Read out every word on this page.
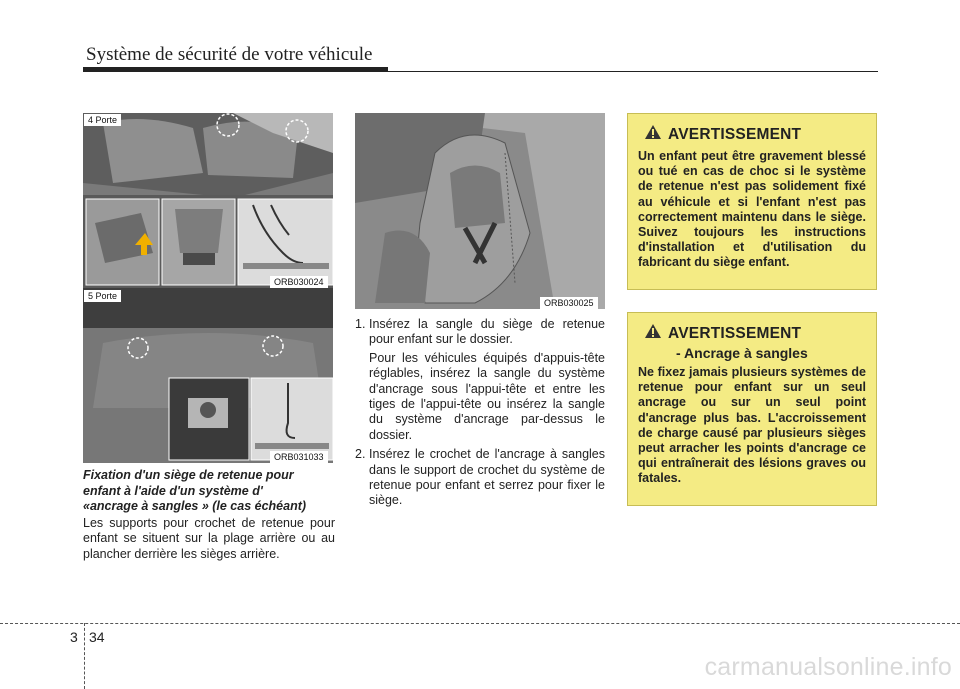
Système de sécurité de votre véhicule
4 Porte
ORB030024
5 Porte
ORB031033
ORB030025
Fixation d'un siège de retenue pour
enfant à l'aide d'un système d'
«ancrage à sangles » (le cas échéant)
Les supports pour crochet de retenue pour enfant se situent sur la plage arrière ou au plancher derrière les sièges arrière.
1. Insérez la sangle du siège de retenue pour enfant sur le dossier.

Pour les véhicules équipés d'appuis-tête réglables, insérez la sangle du système d'ancrage sous l'appui-tête et entre les tiges de l'appui-tête ou insérez la sangle du système d'ancrage par-dessus le dossier.

2. Insérez le crochet de l'ancrage à sangles dans le support de crochet du système de retenue pour enfant et serrez pour fixer le siège.

AVERTISSEMENT
Un enfant peut être gravement blessé ou tué en cas de choc si le système de retenue n'est pas solidement fixé au véhicule et si l'enfant n'est pas correctement maintenu dans le siège. Suivez toujours les instructions d'installation et d'utilisation du fabricant du siège enfant.
AVERTISSEMENT
- Ancrage à sangles
Ne fixez jamais plusieurs systèmes de retenue pour enfant sur un seul ancrage ou sur un seul point d'ancrage plus bas. L'accroissement de charge causé par plusieurs sièges peut arracher les points d'ancrage ce qui entraînerait des lésions graves ou fatales.
3 34
carmanualsonline.info
